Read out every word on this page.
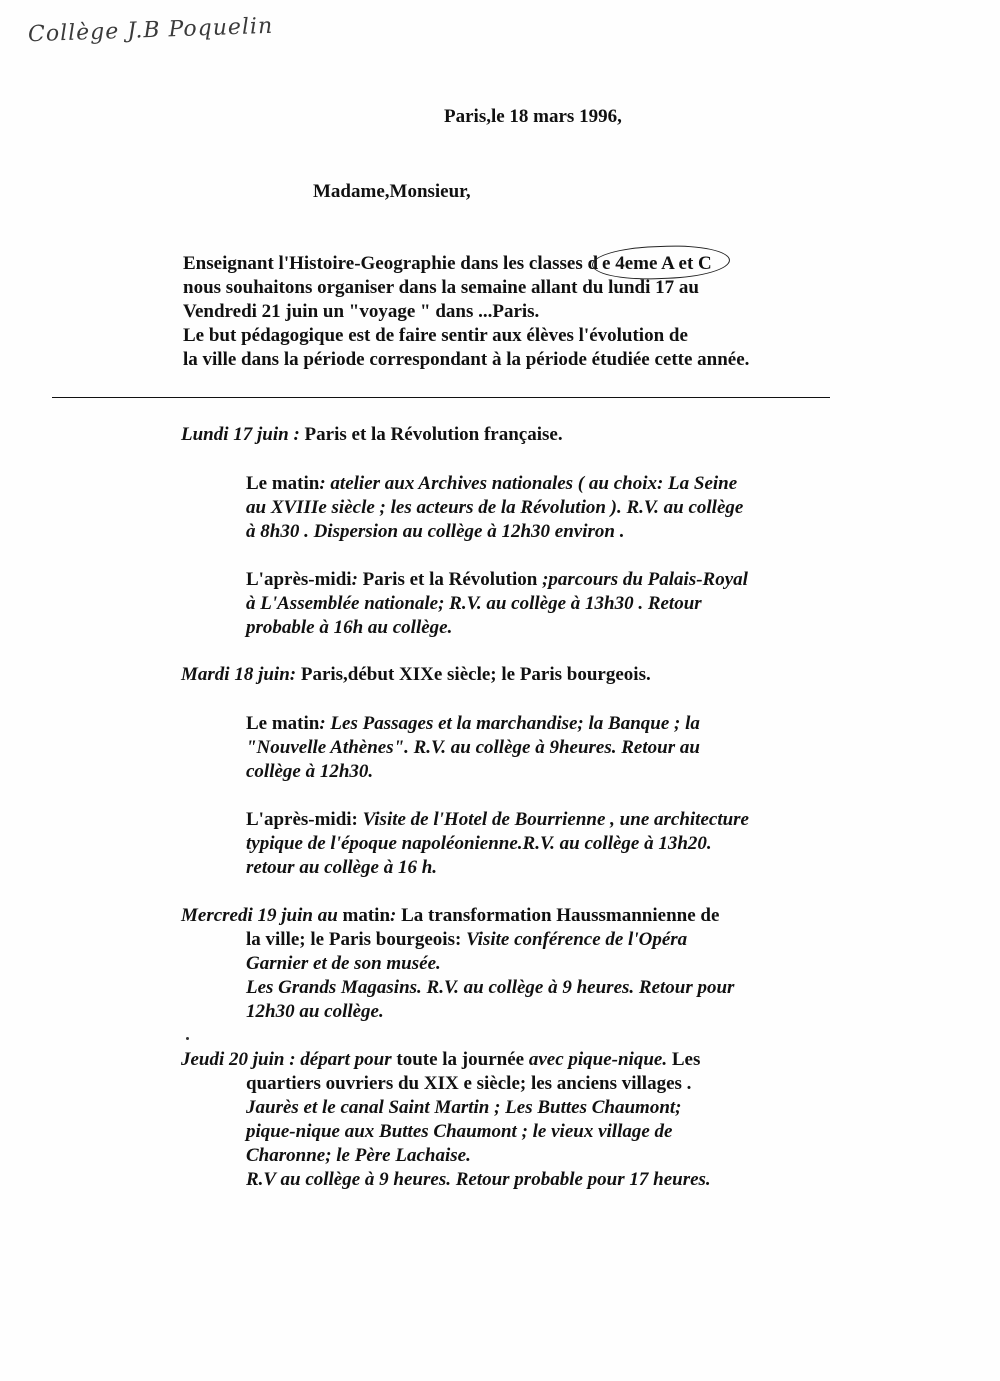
Collège J.B Poquelin
Paris,le 18 mars 1996,
Madame,Monsieur,
Enseignant l'Histoire-Geographie dans les classes d e 4eme A et C
nous souhaitons organiser dans la semaine allant du lundi 17 au
Vendredi 21 juin un "voyage " dans ...Paris.
Le but pédagogique est de faire sentir aux élèves l'évolution de
la ville dans la période correspondant à la période étudiée cette année.
Lundi 17 juin : Paris et la Révolution française.
Le matin: atelier aux Archives nationales ( au choix: La Seine
au XVIIIe siècle ; les acteurs de la Révolution ). R.V. au collège
à 8h30 . Dispersion au collège à 12h30 environ .
L'après-midi: Paris et la Révolution ;parcours du Palais-Royal
à L'Assemblée nationale; R.V. au collège à 13h30 . Retour
probable à 16h au collège.
Mardi 18 juin: Paris,début XIXe siècle; le Paris bourgeois.
Le matin: Les Passages et la marchandise; la Banque ; la
"Nouvelle Athènes". R.V. au collège à 9heures. Retour au
collège à 12h30.
L'après-midi: Visite de l'Hotel de Bourrienne , une architecture
typique de l'époque napoléonienne.R.V. au collège à 13h20.
retour au collège à 16 h.
Mercredi 19 juin au matin: La transformation Haussmannienne de
la ville; le Paris bourgeois: Visite conférence de l'Opéra
Garnier et de son musée.
Les Grands Magasins. R.V. au collège à 9 heures. Retour pour
12h30 au collège.
Jeudi 20 juin : départ pour toute la journée avec pique-nique. Les
quartiers ouvriers du XIX e siècle; les anciens villages .
Jaurès et le canal Saint Martin ; Les Buttes Chaumont;
pique-nique aux Buttes Chaumont ; le vieux village de
Charonne; le Père Lachaise.
R.V au collège à 9 heures. Retour probable pour 17 heures.
